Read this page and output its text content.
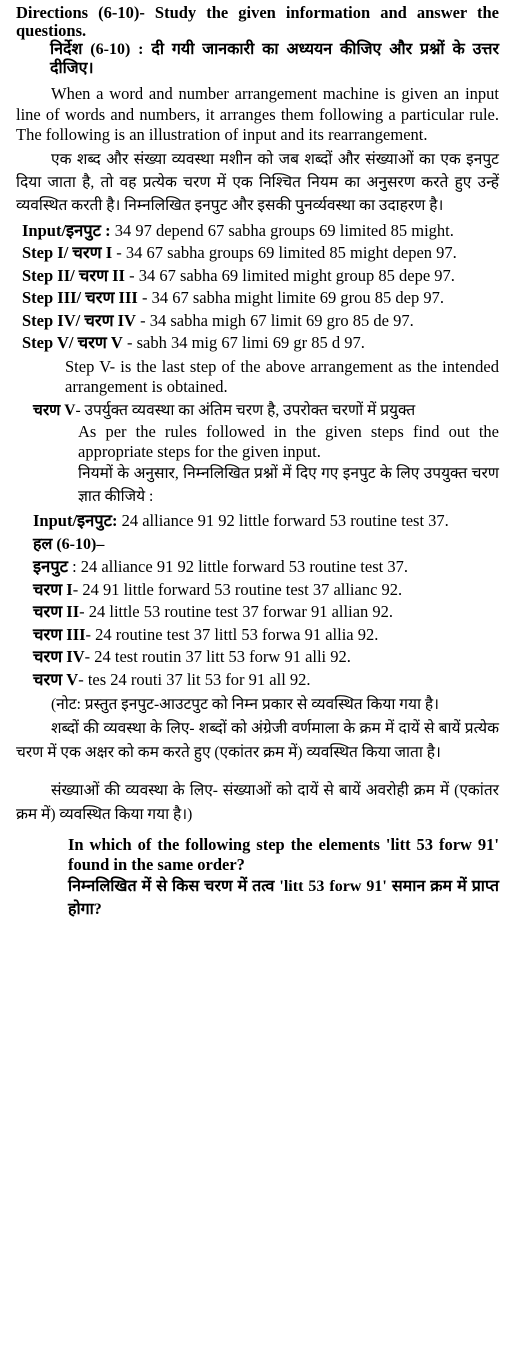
Directions (6-10)- Study the given information and answer the questions.
निर्देश (6-10) : दी गयी जानकारी का अध्ययन कीजिए और प्रश्नों के उत्तर दीजिए।

When a word and number arrangement machine is given an input line of words and numbers, it arranges them following a particular rule. The following is an illustration of input and its rearrangement.

एक शब्द और संख्या व्यवस्था मशीन को जब शब्दों और संख्याओं का एक इनपुट दिया जाता है, तो वह प्रत्येक चरण में एक निश्चित नियम का अनुसरण करते हुए उन्हें व्यवस्थित करती है। निम्नलिखित इनपुट और इसकी पुनर्व्यवस्था का उदाहरण है।

Input/इनपुट : 34 97 depend 67 sabha groups 69 limited 85 might.
Step I/ चरण I - 34 67 sabha groups 69 limited 85 might depen 97.
Step II/ चरण II - 34 67 sabha 69 limited might group 85 depe 97.
Step III/ चरण III - 34 67 sabha might limite 69 grou 85 dep 97.
Step IV/ चरण IV - 34 sabha migh 67 limit 69 gro 85 de 97.
Step V/ चरण V - sabh 34 mig 67 limi 69 gr 85 d 97.

Step V- is the last step of the above arrangement as the intended arrangement is obtained.

चरण V- उपर्युक्त व्यवस्था का अंतिम चरण है, उपरोक्त चरणों में प्रयुक्त

As per the rules followed in the given steps find out the appropriate steps for the given input.

नियमों के अनुसार, निम्नलिखित प्रश्नों में दिए गए इनपुट के लिए उपयुक्त चरण ज्ञात कीजिये :

Input/इनपुट: 24 alliance 91 92 little forward 53 routine test 37.
हल (6-10)–
इनपुट : 24 alliance 91 92 little forward 53 routine test 37.
चरण I- 24 91 little forward 53 routine test 37 allianc 92.
चरण II- 24 little 53 routine test 37 forwar 91 allian 92.
चरण III- 24 routine test 37 littl 53 forwa 91 allia 92.
चरण IV- 24 test routin 37 litt 53 forw 91 alli 92.
चरण V- tes 24 routi 37 lit 53 for 91 all 92.

(नोट: प्रस्तुत इनपुट-आउटपुट को निम्न प्रकार से व्यवस्थित किया गया है।

शब्दों की व्यवस्था के लिए- शब्दों को अंग्रेजी वर्णमाला के क्रम में दायें से बायें प्रत्येक चरण में एक अक्षर को कम करते हुए (एकांतर क्रम में) व्यवस्थित किया जाता है।

संख्याओं की व्यवस्था के लिए- संख्याओं को दायें से बायें अवरोही क्रम में (एकांतर क्रम में) व्यवस्थित किया गया है।)

In which of the following step the elements 'litt 53 forw 91' found in the same order?

निम्नलिखित में से किस चरण में तत्व 'litt 53 forw 91' समान क्रम में प्राप्त होगा?
